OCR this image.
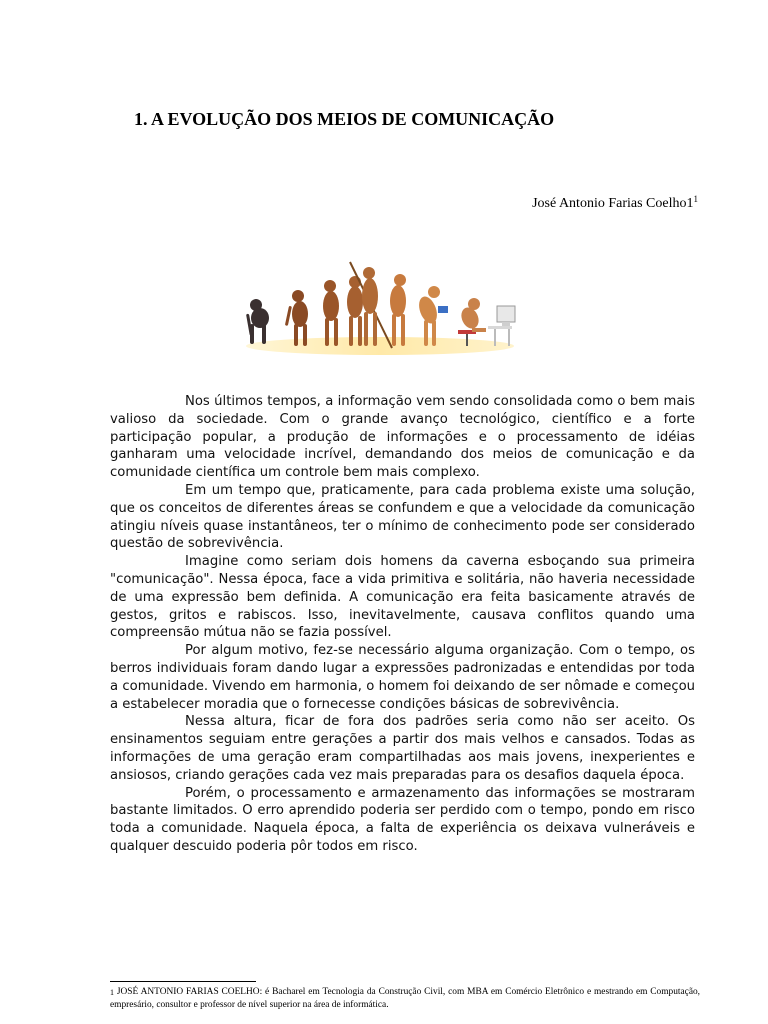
1. A EVOLUÇÃO DOS MEIOS DE COMUNICAÇÃO
José Antonio Farias $Coelho1^1$

Nos últimos tempos, a informação vem sendo consolidada como o bem mais valioso da sociedade. Com o grande avanço tecnológico, científico e a forte participação popular, a produção de informações e o processamento de idéias ganharam uma velocidade incrível, demandando dos meios de comunicação e da comunidade científica um controle bem mais complexo.

Em um tempo que, praticamente, para cada problema existe uma solução, que os conceitos de diferentes áreas se confundem e que a velocidade da comunicação atingiu níveis quase instantâneos, ter o mínimo de conhecimento pode ser considerado questão de sobrevivência.

Imagine como seriam dois homens da caverna esboçando sua primeira "comunicação". Nessa época, face a vida primitiva e solitária, não haveria necessidade de uma expressão bem definida. A comunicação era feita basicamente através de gestos, gritos e rabiscos. Isso, inevitavelmente, causava conflitos quando uma compreensão mútua não se fazia possível.

Por algum motivo, fez-se necessário alguma organização. Com o tempo, os berros individuais foram dando lugar a expressões padronizadas e entendidas por toda a comunidade. Vivendo em harmonia, o homem foi deixando de ser nômade e começou a estabelecer moradia que o fornecesse condições básicas de sobrevivência.

Nessa altura, ficar de fora dos padrões seria como não ser aceito. Os ensinamentos seguiam entre gerações a partir dos mais velhos e cansados. Todas as informações de uma geração eram compartilhadas aos mais jovens, inexperientes e ansiosos, criando gerações cada vez mais preparadas para os desafios daquela época.

Porém, o processamento e armazenamento das informações se mostraram bastante limitados. O erro aprendido poderia ser perdido com o tempo, pondo em risco toda a comunidade. Naquela época, a falta de experiência os deixava vulneráveis e qualquer descuido poderia pôr todos em risco.

$^1$ JOSÉ ANTONIO FARIAS COELHO: é Bacharel em Tecnologia da Construção Civil, com MBA em Comércio Eletrônico e mestrando em Computação, empresário, consultor e professor de nível superior na área de informática.
